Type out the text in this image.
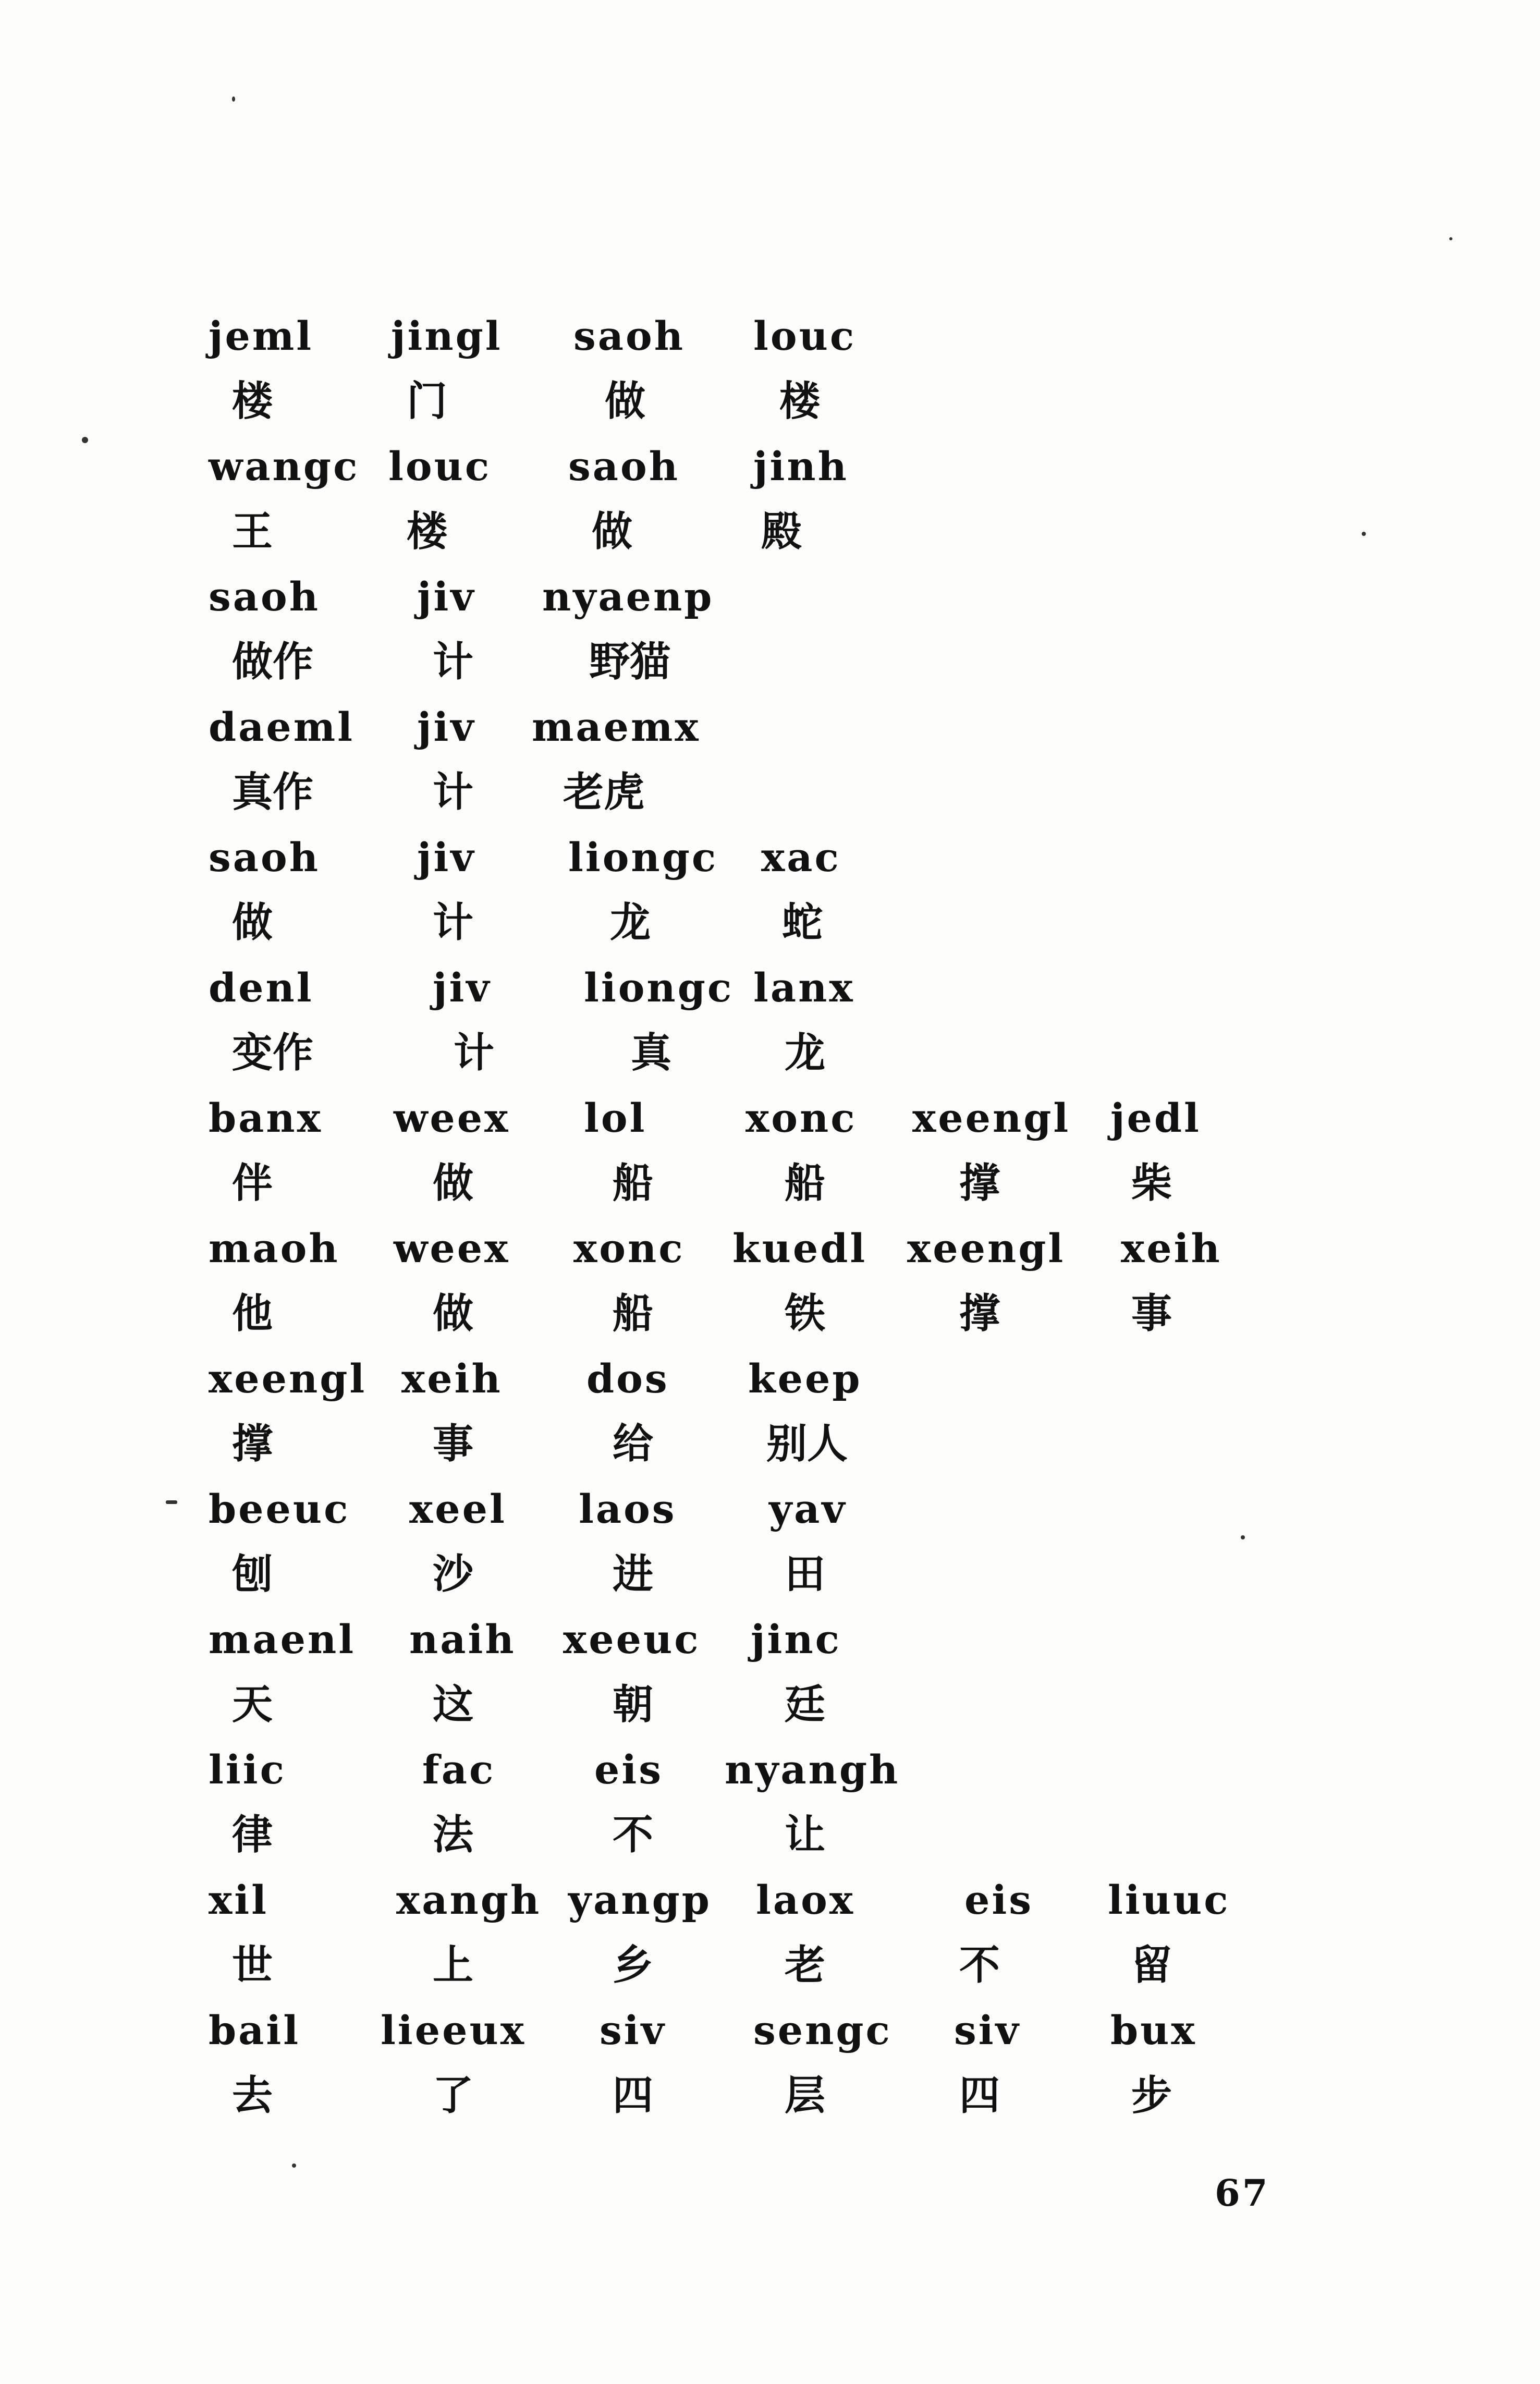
jeml jingl saoh louc
楼	门	做	楼
wangc louc saoh jinh
王	楼	做	殿
saoh jiv nyaenp
做作	计	野猫
daeml jiv maemx
真作	计 老虎
saoh jiv liongc xac
做	计	龙	蛇
denl	jiv liongc lanx
变作	计	真	龙
banx weex lol xonc xeengl jedl
伴	做	船	船	撑	柴
maoh weex xonc kuedl xeengl xeih
他	做	船	铁	撑	事
xeengl xeih dos keep
撑	事	给	别人
beeuc xeel laos yav
刨	沙	进	田
maenl naih xeeuc jinc
天	这	朝	廷
liic	fac eis nyangh
律	法	不	让
xil	xangh yangp laox	eis liuuc
世	上	乡	老	不	留
bail lieeux siv sengc siv bux
去	了	四	层	四	步
67
